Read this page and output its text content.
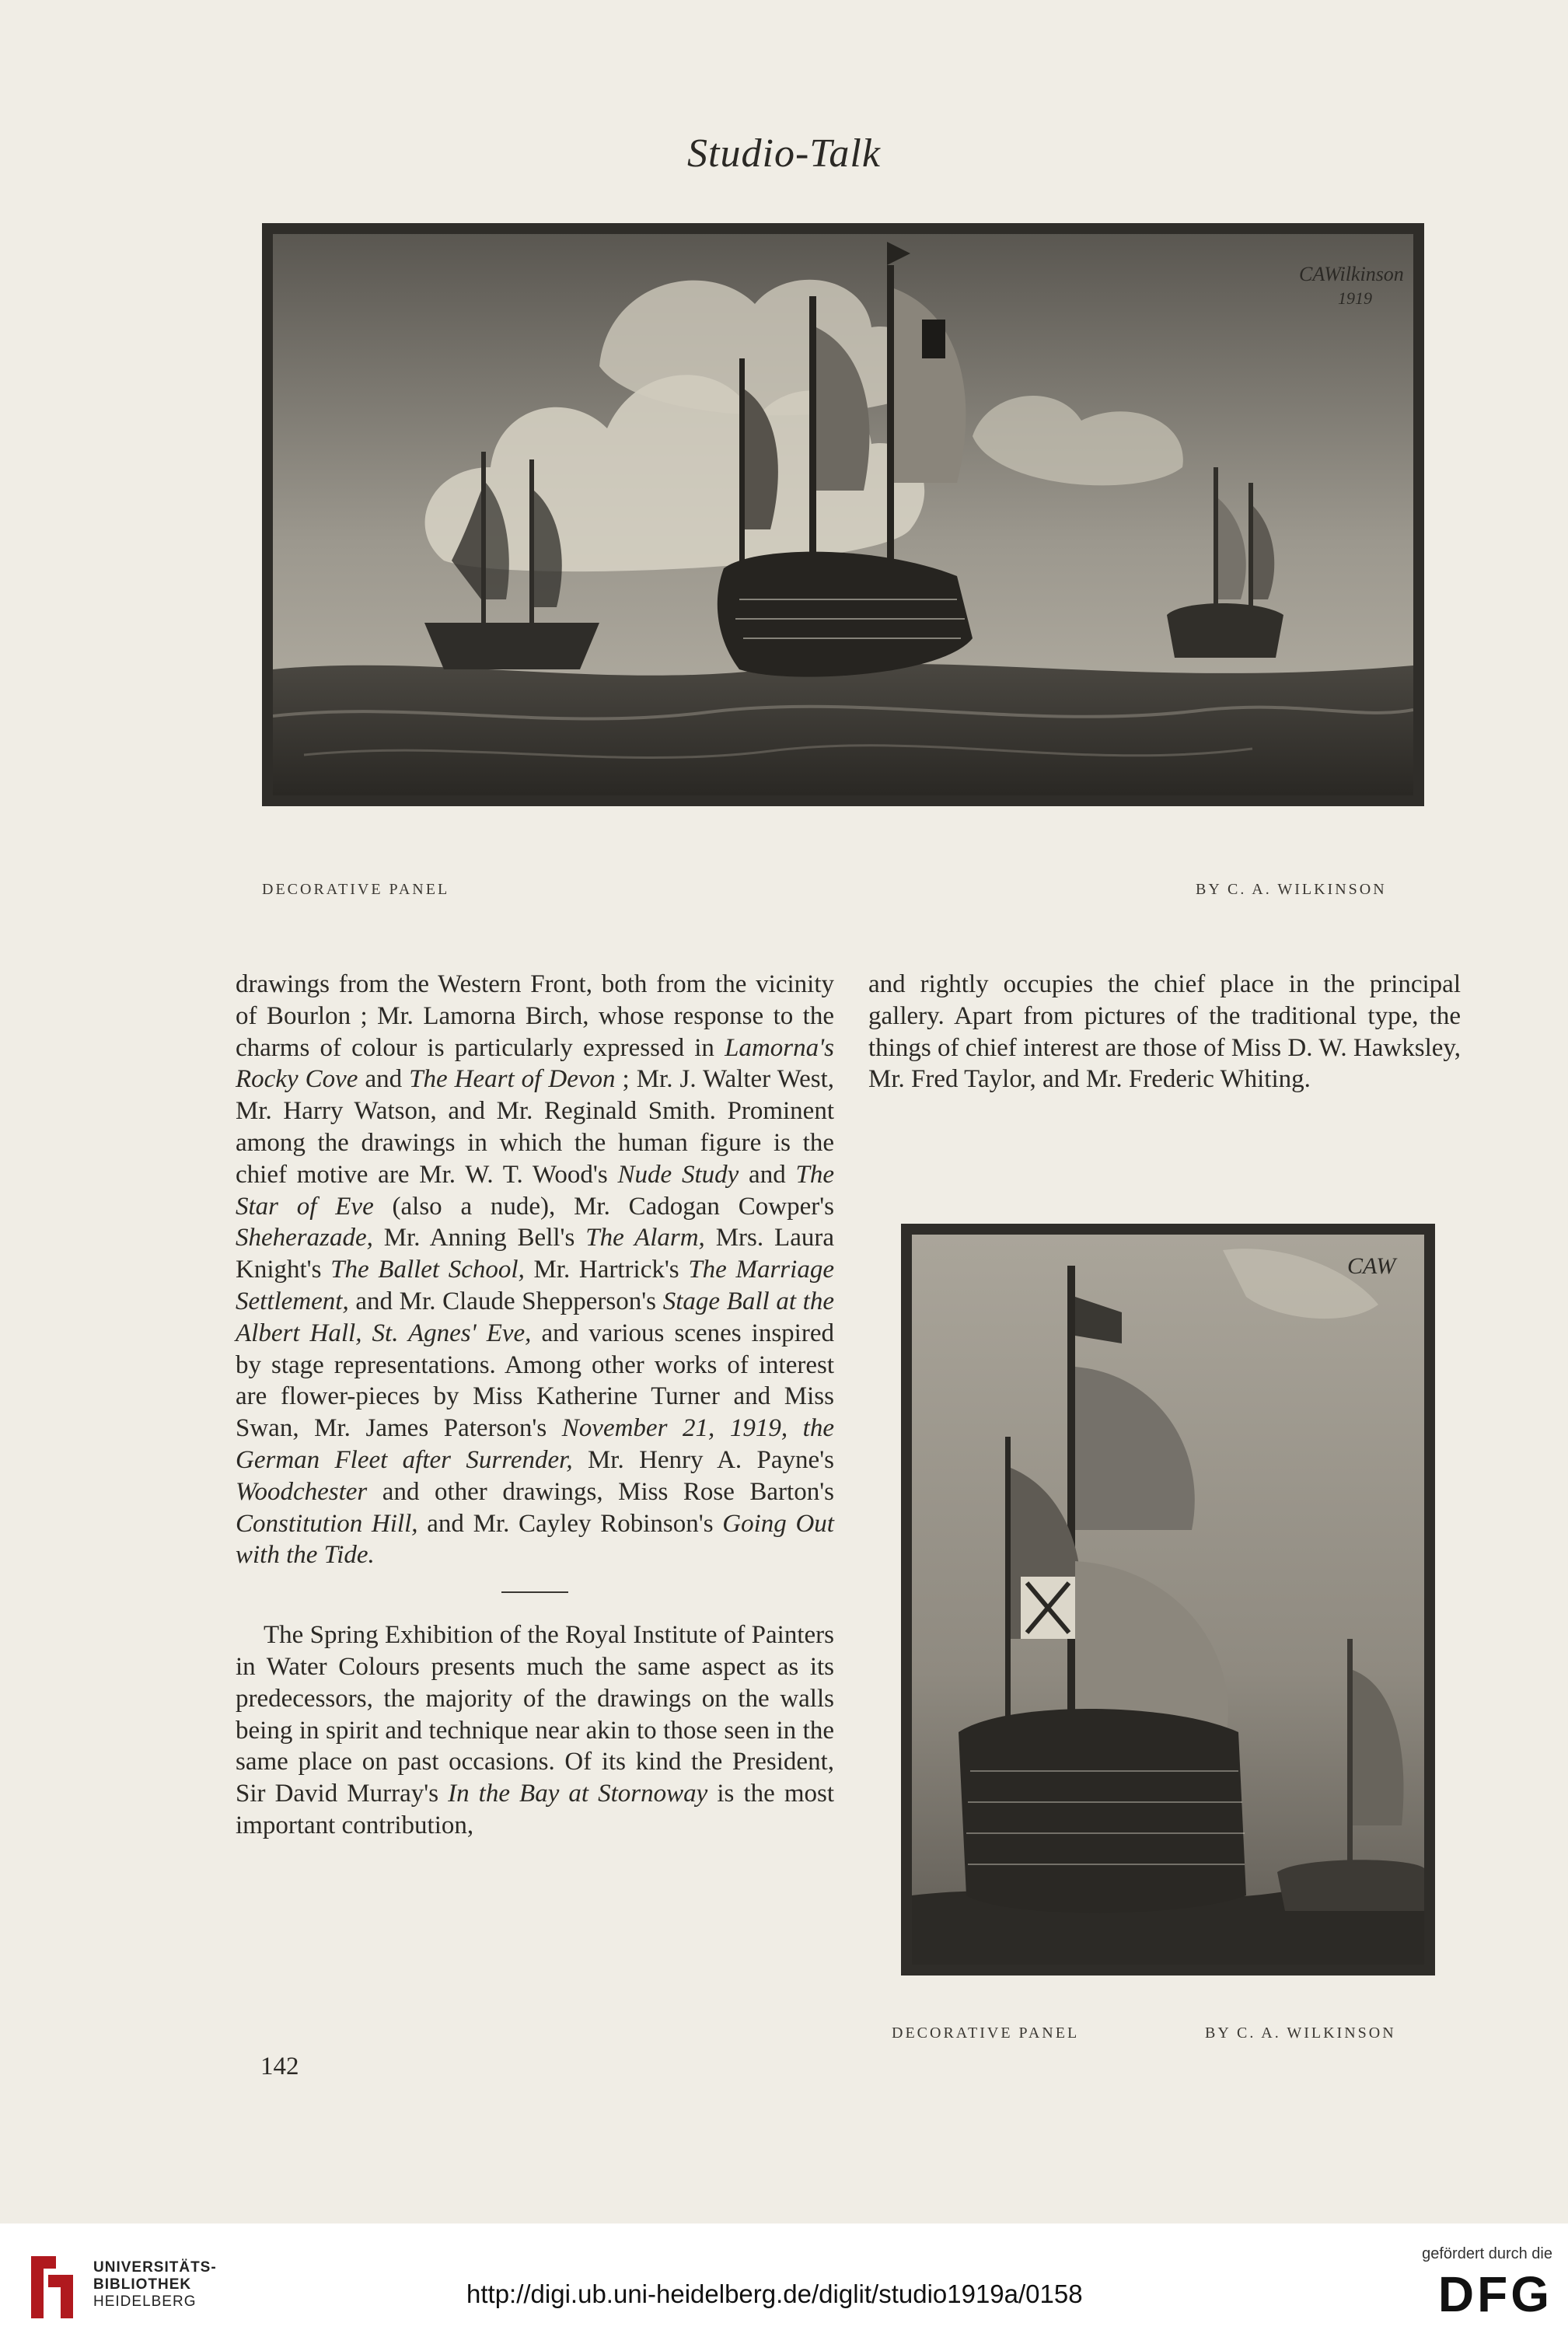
Studio-Talk
CAWilkinson
1919
DECORATIVE PANEL	BY C. A. WILKINSON

drawings from the Western Front, both from the vicinity of Bourlon ; Mr. Lamorna Birch, whose response to the charms of colour is particularly expressed in Lamorna's Rocky Cove and The Heart of Devon ; Mr. J. Walter West, Mr. Harry Watson, and Mr. Reginald Smith. Prominent among the drawings in which the human figure is the chief motive are Mr. W. T. Wood's Nude Study and The Star of Eve (also a nude), Mr. Cadogan Cowper's Sheherazade, Mr. Anning Bell's The Alarm, Mrs. Laura Knight's The Ballet School, Mr. Hartrick's The Marriage Settlement, and Mr. Claude Shepperson's Stage Ball at the Albert Hall, St. Agnes' Eve, and various scenes inspired by stage representations. Among other works of interest are flower-pieces by Miss Katherine Turner and Miss Swan, Mr. James Paterson's November 21, 1919, the German Fleet after Surrender, Mr. Henry A. Payne's Woodchester and other drawings, Miss Rose Barton's Constitution Hill, and Mr. Cayley Robinson's Going Out with the Tide.

The Spring Exhibition of the Royal Institute of Painters in Water Colours presents much the same aspect as its predecessors, the majority of the drawings on the walls being in spirit and technique near akin to those seen in the same place on past occasions. Of its kind the President, Sir David Murray's In the Bay at Stornoway is the most important contribution,

and rightly occupies the chief place in the principal gallery. Apart from pictures of the traditional type, the things of chief interest are those of Miss D. W. Hawksley, Mr. Fred Taylor, and Mr. Frederic Whiting.

CAW
DECORATIVE PANEL	BY C. A. WILKINSON
142
UNIVERSITÄTS-
BIBLIOTHEK
HEIDELBERG	http://digi.ub.uni-heidelberg.de/diglit/studio1919a/0158
gefördert durch die
DFG
